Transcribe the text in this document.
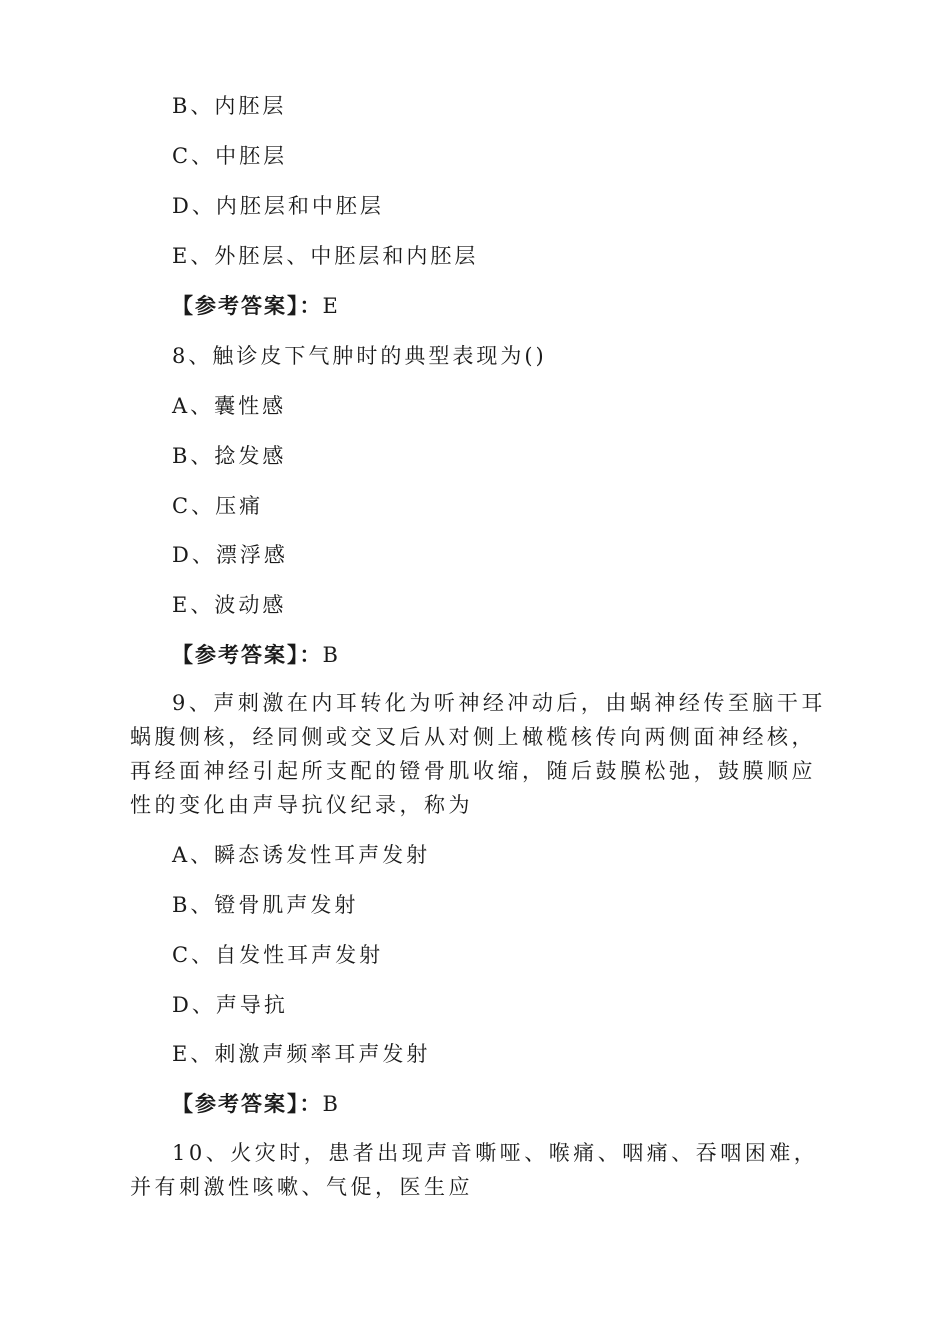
B、内胚层
C、中胚层
D、内胚层和中胚层
E、外胚层、中胚层和内胚层
【参考答案】：E
8、触诊皮下气肿时的典型表现为()
A、囊性感
B、捻发感
C、压痛
D、漂浮感
E、波动感
【参考答案】：B

9、声刺激在内耳转化为听神经冲动后，由蜗神经传至脑干耳蜗腹侧核，经同侧或交叉后从对侧上橄榄核传向两侧面神经核，再经面神经引起所支配的镫骨肌收缩，随后鼓膜松弛，鼓膜顺应性的变化由声导抗仪纪录，称为

A、瞬态诱发性耳声发射
B、镫骨肌声发射
C、自发性耳声发射
D、声导抗
E、刺激声频率耳声发射
【参考答案】：B

10、火灾时，患者出现声音嘶哑、喉痛、咽痛、吞咽困难，并有刺激性咳嗽、气促，医生应
